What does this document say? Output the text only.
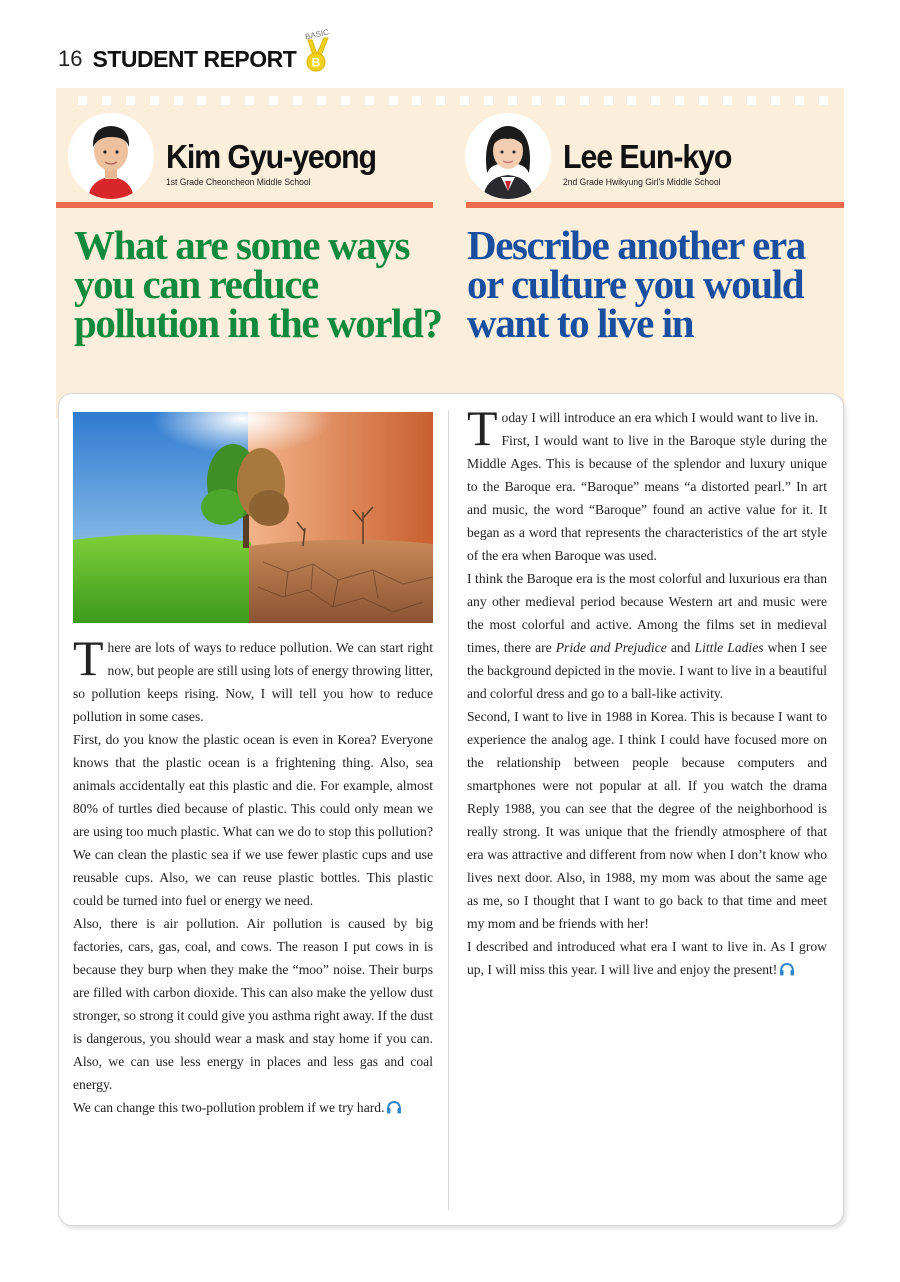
16 STUDENT REPORT
BASIC
B
Kim Gyu-yeong
1st Grade Cheoncheon Middle School
Lee Eun-kyo
2nd Grade Hwikyung Girl's Middle School
What are some ways you can reduce pollution in the world?
Describe another era or culture you would want to live in

There are lots of ways to reduce pollution. We can start right now, but people are still using lots of energy throwing litter, so pollution keeps rising. Now, I will tell you how to reduce pollution in some cases.

First, do you know the plastic ocean is even in Korea? Everyone knows that the plastic ocean is a frightening thing. Also, sea animals accidentally eat this plastic and die. For example, almost 80% of turtles died because of plastic. This could only mean we are using too much plastic. What can we do to stop this pollution? We can clean the plastic sea if we use fewer plastic cups and use reusable cups. Also, we can reuse plastic bottles. This plastic could be turned into fuel or energy we need.

Also, there is air pollution. Air pollution is caused by big factories, cars, gas, coal, and cows. The reason I put cows in is because they burp when they make the “moo” noise. Their burps are filled with carbon dioxide. This can also make the yellow dust stronger, so strong it could give you asthma right away. If the dust is dangerous, you should wear a mask and stay home if you can. Also, we can use less energy in places and less gas and coal energy.

We can change this two-pollution problem if we try hard.

Today I will introduce an era which I would want to live in.

First, I would want to live in the Baroque style during the Middle Ages. This is because of the splendor and luxury unique to the Baroque era. “Baroque” means “a distorted pearl.” In art and music, the word “Baroque” found an active value for it. It began as a word that represents the characteristics of the art style of the era when Baroque was used.

I think the Baroque era is the most colorful and luxurious era than any other medieval period because Western art and music were the most colorful and active. Among the films set in medieval times, there are Pride and Prejudice and Little Ladies when I see the background depicted in the movie. I want to live in a beautiful and colorful dress and go to a ball-like activity.

Second, I want to live in 1988 in Korea. This is because I want to experience the analog age. I think I could have focused more on the relationship between people because computers and smartphones were not popular at all. If you watch the drama Reply 1988, you can see that the degree of the neighborhood is really strong. It was unique that the friendly atmosphere of that era was attractive and different from now when I don’t know who lives next door. Also, in 1988, my mom was about the same age as me, so I thought that I want to go back to that time and meet my mom and be friends with her!

I described and introduced what era I want to live in. As I grow up, I will miss this year. I will live and enjoy the present!
